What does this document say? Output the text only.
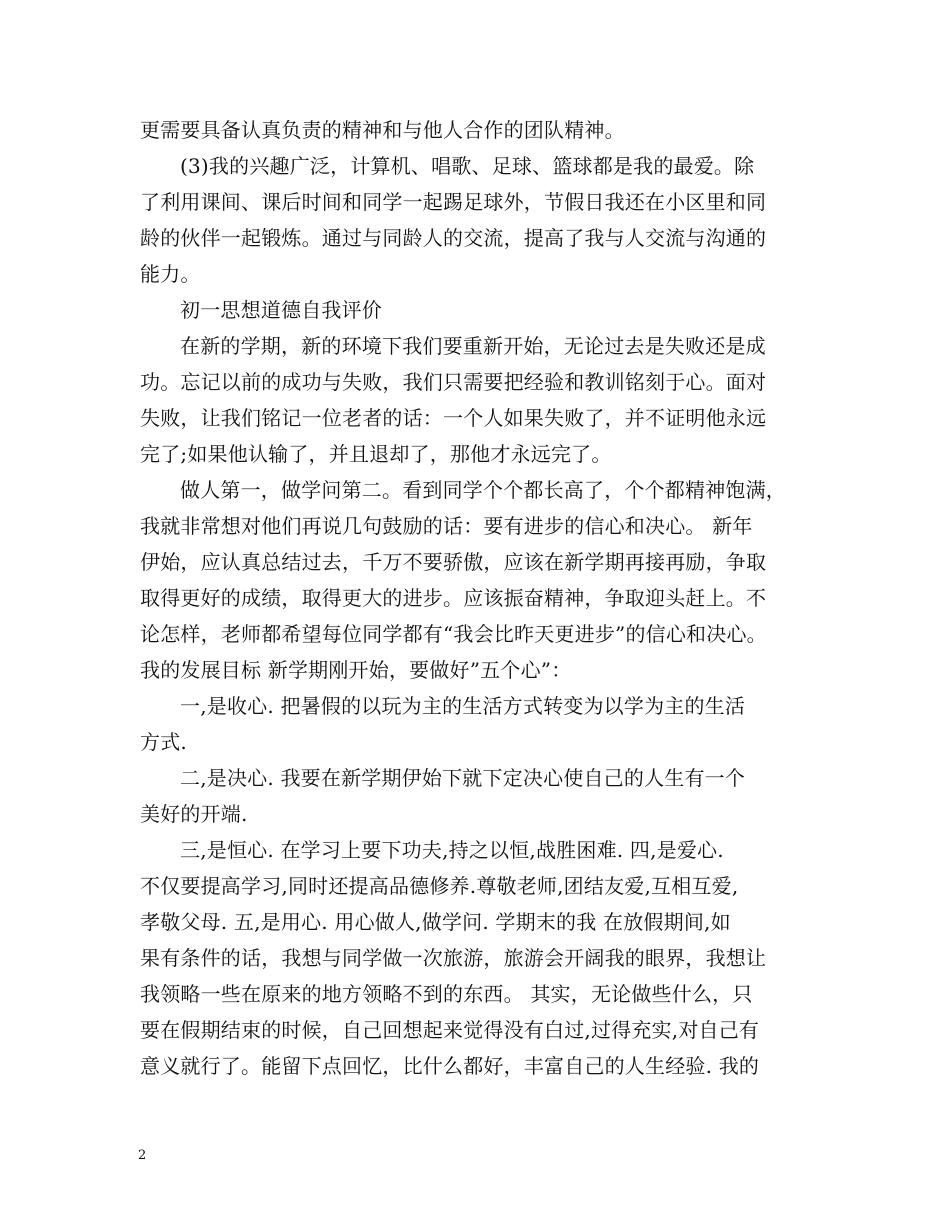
更需要具备认真负责的精神和与他人合作的团队精神。
(3)我的兴趣广泛，计算机、唱歌、足球、篮球都是我的最爱。除
了利用课间、课后时间和同学一起踢足球外，节假日我还在小区里和同
龄的伙伴一起锻炼。通过与同龄人的交流，提高了我与人交流与沟通的
能力。
初一思想道德自我评价
在新的学期，新的环境下我们要重新开始，无论过去是失败还是成
功。忘记以前的成功与失败，我们只需要把经验和教训铭刻于心。面对
失败，让我们铭记一位老者的话：一个人如果失败了，并不证明他永远
完了;如果他认输了，并且退却了，那他才永远完了。
做人第一，做学问第二。看到同学个个都长高了，个个都精神饱满，
我就非常想对他们再说几句鼓励的话：要有进步的信心和决心。 新年
伊始，应认真总结过去，千万不要骄傲，应该在新学期再接再励，争取
取得更好的成绩，取得更大的进步。应该振奋精神，争取迎头赶上。不
论怎样，老师都希望每位同学都有“我会比昨天更进步”的信心和决心。
我的发展目标 新学期刚开始，要做好”五个心”：
一,是收心. 把暑假的以玩为主的生活方式转变为以学为主的生活
方式.
二,是决心. 我要在新学期伊始下就下定决心使自己的人生有一个
美好的开端.
三,是恒心. 在学习上要下功夫,持之以恒,战胜困难. 四,是爱心.
不仅要提高学习,同时还提高品德修养.尊敬老师,团结友爱,互相互爱,
孝敬父母. 五,是用心. 用心做人,做学问. 学期末的我 在放假期间,如
果有条件的话，我想与同学做一次旅游，旅游会开阔我的眼界，我想让
我领略一些在原来的地方领略不到的东西。 其实，无论做些什么，只
要在假期结束的时候，自己回想起来觉得没有白过,过得充实,对自己有
意义就行了。能留下点回忆，比什么都好，丰富自己的人生经验. 我的
2
